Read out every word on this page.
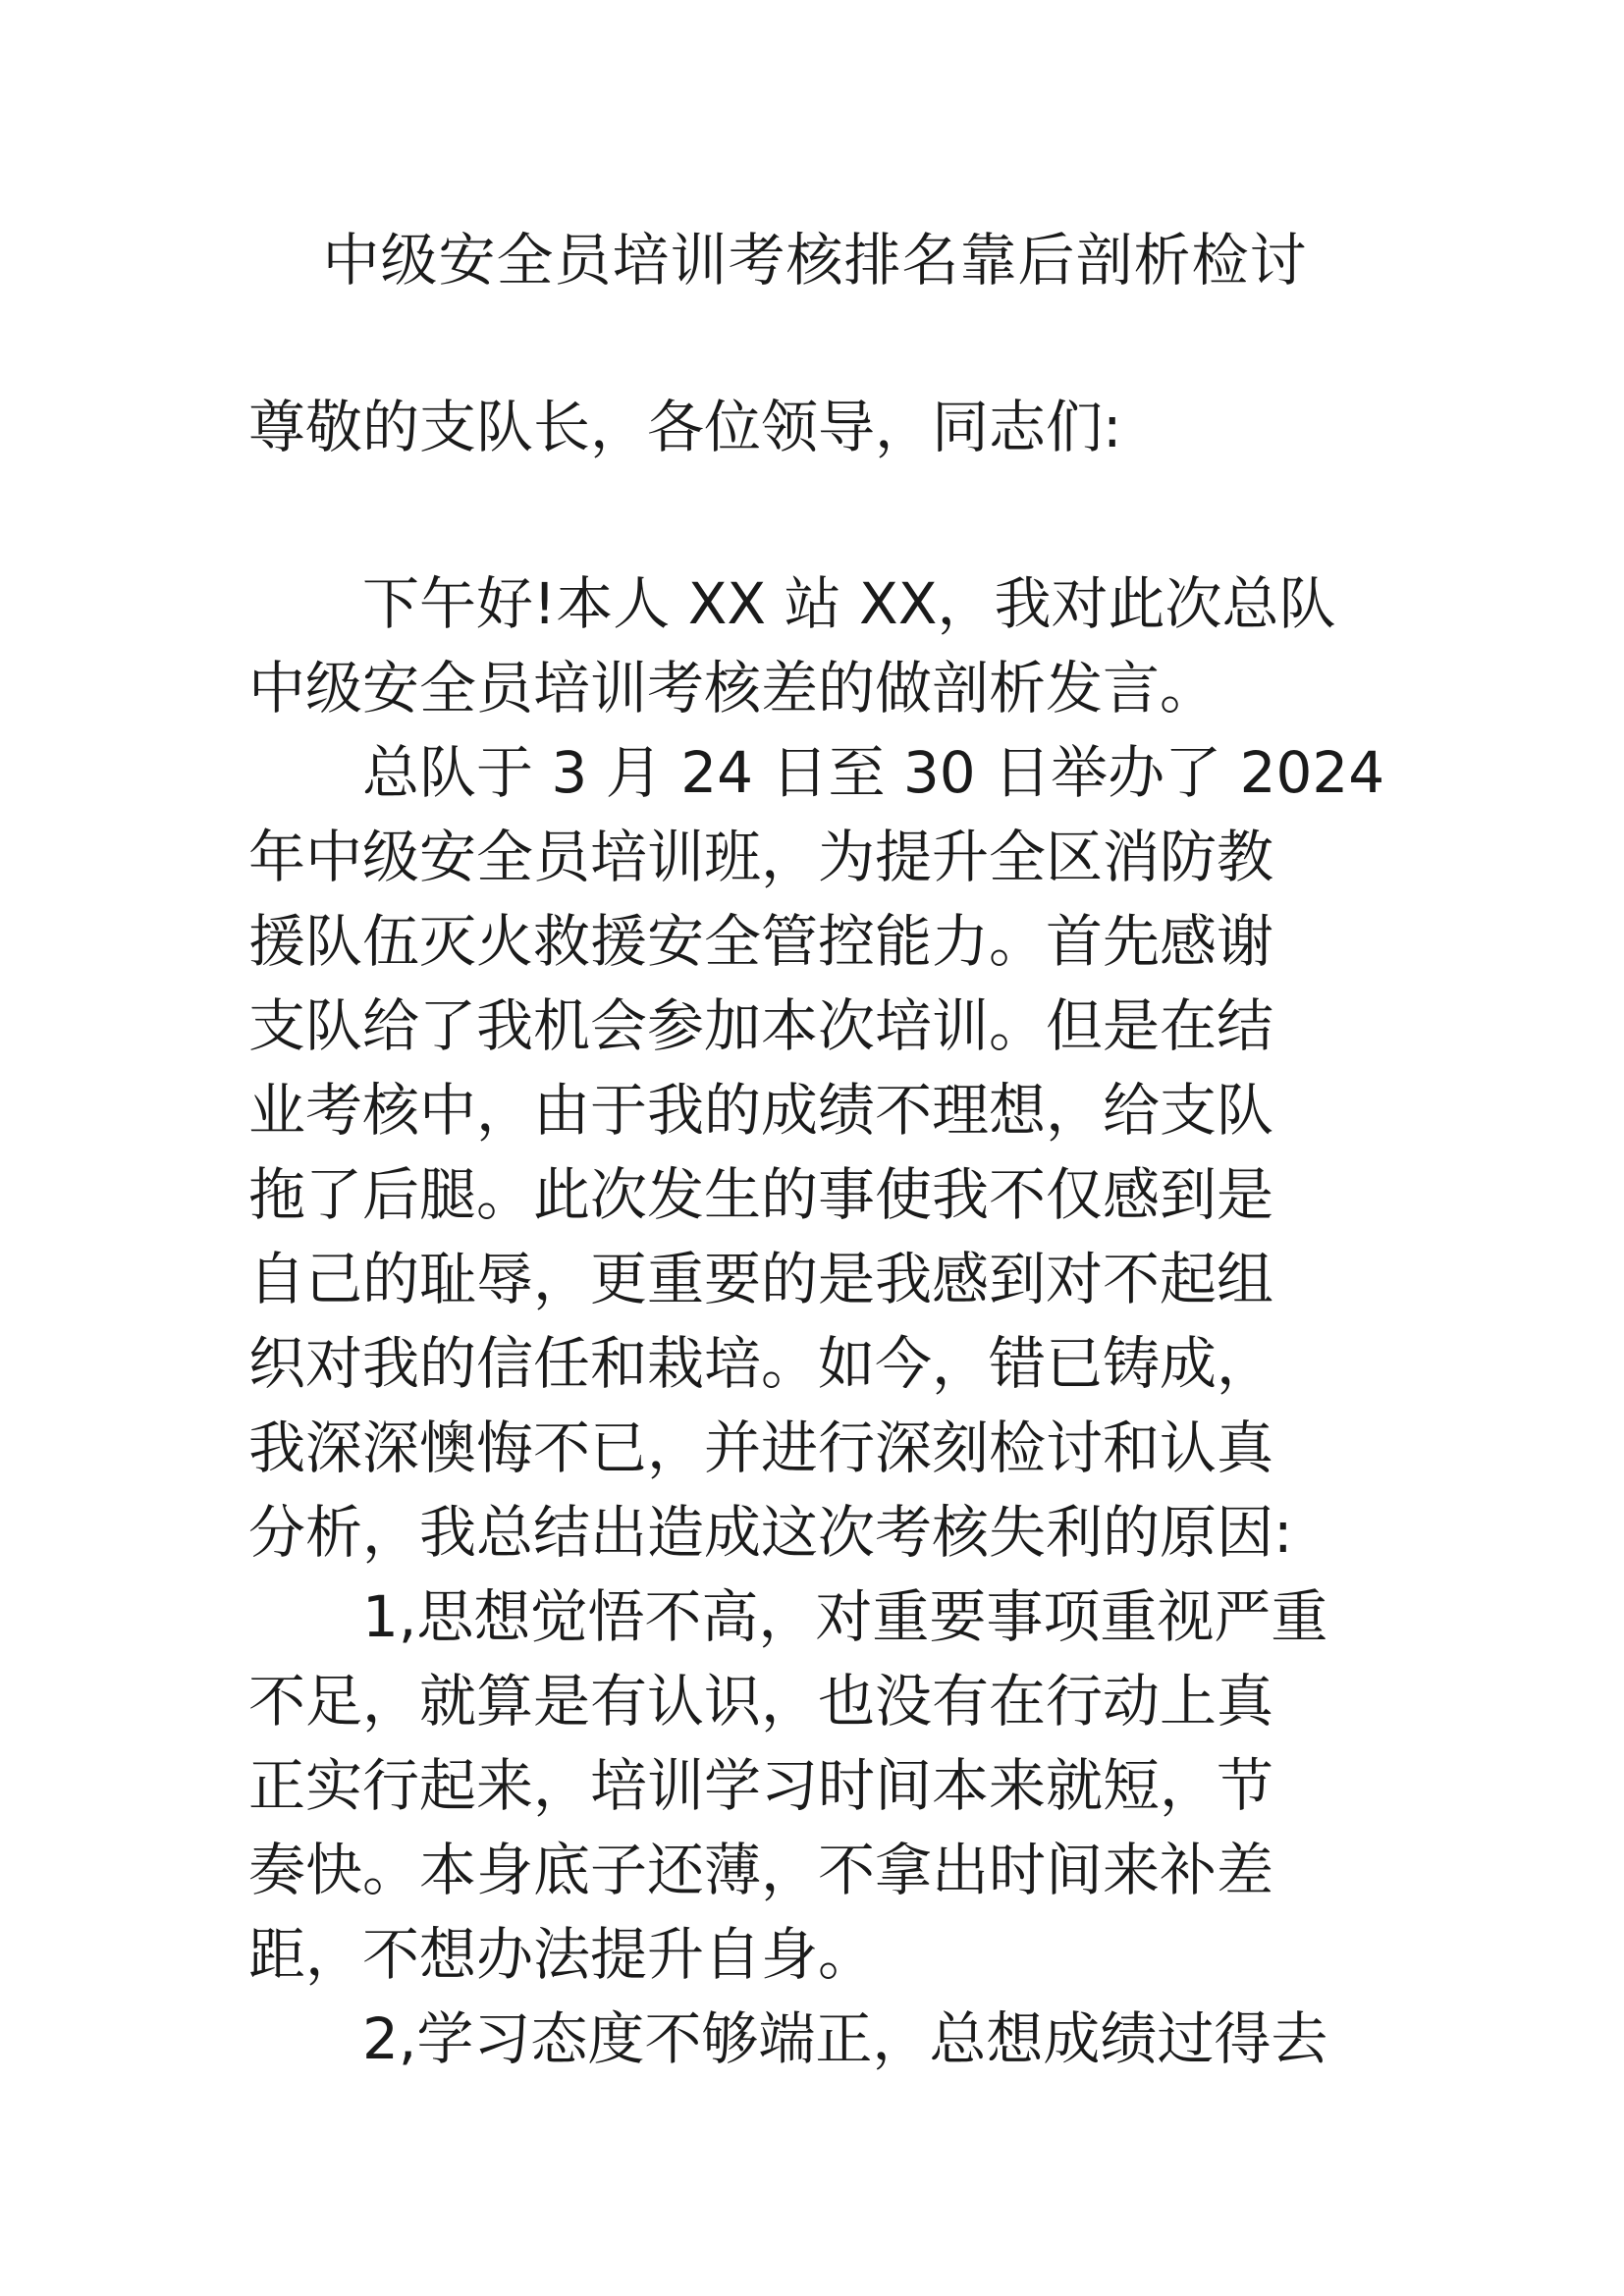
中级安全员培训考核排名靠后剖析检讨

尊敬的支队长，各位领导，同志们:

下午好!本人 XX 站 XX，我对此次总队
中级安全员培训考核差的做剖析发言。

总队于 3 月 24 日至 30 日举办了 2024
年中级安全员培训班，为提升全区消防教
援队伍灭火救援安全管控能力。首先感谢
支队给了我机会参加本次培训。但是在结
业考核中，由于我的成绩不理想，给支队
拖了后腿。此次发生的事使我不仅感到是
自己的耻辱，更重要的是我感到对不起组
织对我的信任和栽培。如今，错已铸成，
我深深懊悔不已，并进行深刻检讨和认真
分析，我总结出造成这次考核失利的原因:

1,思想觉悟不高，对重要事项重视严重
不足，就算是有认识，也没有在行动上真
正实行起来，培训学习时间本来就短，节
奏快。本身底子还薄，不拿出时间来补差
距，不想办法提升自身。

2,学习态度不够端正，总想成绩过得去
